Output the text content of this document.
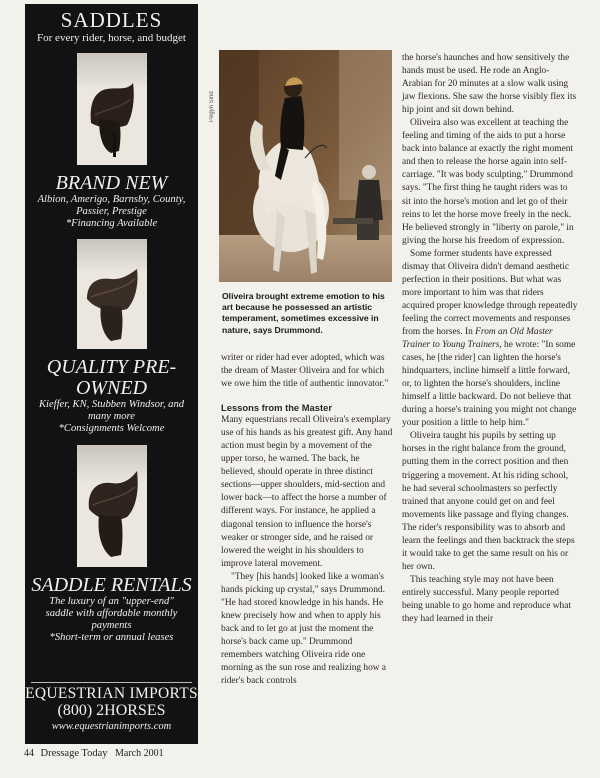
SADDLES
For every rider, horse, and budget
BRAND NEW
Albion, Amerigo, Barnsby, County,
Passier, Prestige
*Financing Available
QUALITY PRE-OWNED
Kieffer, KN, Stubben Windsor, and
many more
*Consignments Welcome
SADDLE RENTALS
The luxury of an "upper-end"
saddle with affordable monthly
payments
*Short-term or annual leases
EQUESTRIAN IMPORTS
(800) 2HORSES
www.equestrianimports.com
Pegyn Sind
Oliveira brought extreme emotion to his art because he possessed an artistic temperament, sometimes excessive in nature, says Drummond.

writer or rider had ever adopted, which was the dream of Master Oliveira and for which we owe him the title of authentic innovator."

Lessons from the Master

Many equestrians recall Oliveira's exemplary use of his hands as his greatest gift. Any hand action must begin by a movement of the upper torso, he warned. The back, he believed, should operate in three distinct sections—upper shoulders, mid-section and lower back—to affect the horse a number of different ways. For instance, he applied a diagonal tension to influence the horse's weaker or stronger side, and he raised or lowered the weight in his shoulders to improve lateral movement.

"They [his hands] looked like a woman's hands picking up crystal," says Drummond. "He had stored knowledge in his hands. He knew precisely how and when to apply his back and to let go at just the moment the horse's back came up." Drummond remembers watching Oliveira ride one morning as the sun rose and realizing how a rider's back controls

the horse's haunches and how sensitively the hands must be used. He rode an Anglo-Arabian for 20 minutes at a slow walk using jaw flexions. She saw the horse visibly flex its hip joint and sit down behind.

Oliveira also was excellent at teaching the feeling and timing of the aids to put a horse back into balance at exactly the right moment and then to release the horse again into self-carriage. "It was body sculpting," Drummond says. "The first thing he taught riders was to sit into the horse's motion and let go of their reins to let the horse move freely in the neck. He believed strongly in "liberty on parole," in giving the horse his freedom of expression.

Some former students have expressed dismay that Oliveira didn't demand aesthetic perfection in their positions. But what was more important to him was that riders acquired proper knowledge through repeatedly feeling the correct movements and responses from the horses. In From an Old Master Trainer to Young Trainers, he wrote: "In some cases, he [the rider] can lighten the horse's hindquarters, incline himself a little forward, or, to lighten the horse's shoulders, incline himself a little backward. Do not believe that during a horse's training you might not change your position a little to help him."

Oliveira taught his pupils by setting up horses in the right balance from the ground, putting them in the correct position and then triggering a movement. At his riding school, he had several schoolmasters so perfectly trained that anyone could get on and feel movements like passage and flying changes. The rider's responsibility was to absorb and learn the feelings and then backtrack the steps it would take to get the same result on his or her own.

This teaching style may not have been entirely successful. Many people reported being unable to go home and reproduce what they had learned in their

44 Dressage Today March 2001
